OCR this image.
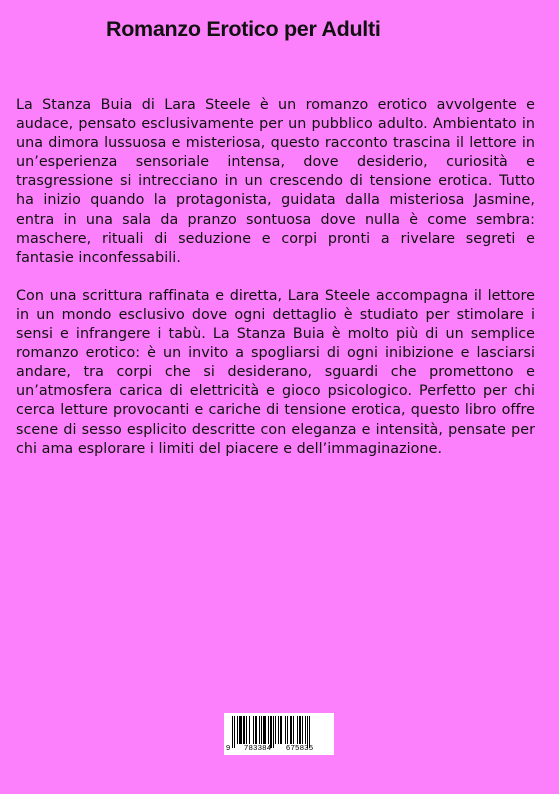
Romanzo Erotico per Adulti

La Stanza Buia di Lara Steele è un romanzo erotico avvolgente e audace, pensato esclusivamente per un pubblico adulto. Ambientato in una dimora lussuosa e misteriosa, questo racconto trascina il lettore in un’esperienza sensoriale intensa, dove desiderio, curiosità e trasgressione si intrecciano in un crescendo di tensione erotica. Tutto ha inizio quando la protagonista, guidata dalla misteriosa Jasmine, entra in una sala da pranzo sontuosa dove nulla è come sembra: maschere, rituali di seduzione e corpi pronti a rivelare segreti e fantasie inconfessabili.

Con una scrittura raffinata e diretta, Lara Steele accompagna il lettore in un mondo esclusivo dove ogni dettaglio è studiato per stimolare i sensi e infrangere i tabù. La Stanza Buia è molto più di un semplice romanzo erotico: è un invito a spogliarsi di ogni inibizione e lasciarsi andare, tra corpi che si desiderano, sguardi che promettono e un’atmosfera carica di elettricità e gioco psicologico. Perfetto per chi cerca letture provocanti e cariche di tensione erotica, questo libro offre scene di sesso esplicito descritte con eleganza e intensità, pensate per chi ama esplorare i limiti del piacere e dell’immaginazione.

9 783384 675835
